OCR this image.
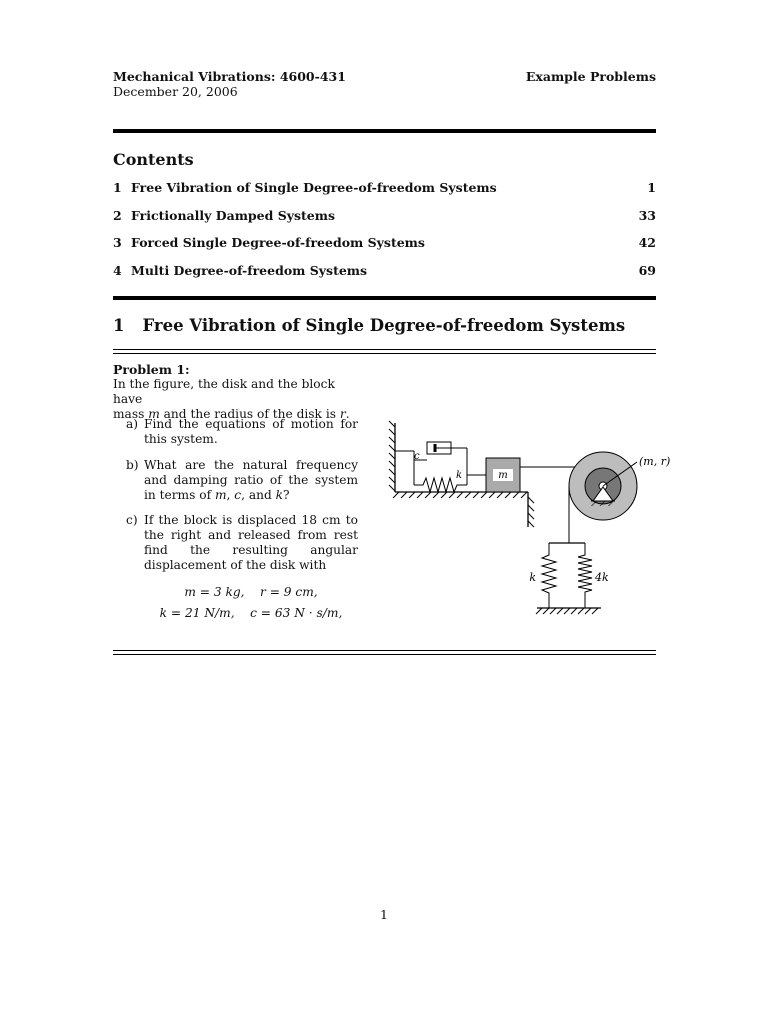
Mechanical Vibrations: 4600-431
December 20, 2006
Example Problems
Contents
1 Free Vibration of Single Degree-of-freedom Systems	1
2 Frictionally Damped Systems	33
3 Forced Single Degree-of-freedom Systems	42
4 Multi Degree-of-freedom Systems	69
1 Free Vibration of Single Degree-of-freedom Systems
Problem 1:
In the figure, the disk and the block have
mass m and the radius of the disk is r.
a) Find the equations of motion for this system.
b) What are the natural frequency and damping ratio of the system in terms of m, c, and k?
c) If the block is displaced 18 cm to the right and released from rest find the resulting angular displacement of the disk with
m = 3 kg,    r = 9 cm,
k = 21 N/m,    c = 63 N · s/m,
c
k	m
(m, r)
k	4k
1
